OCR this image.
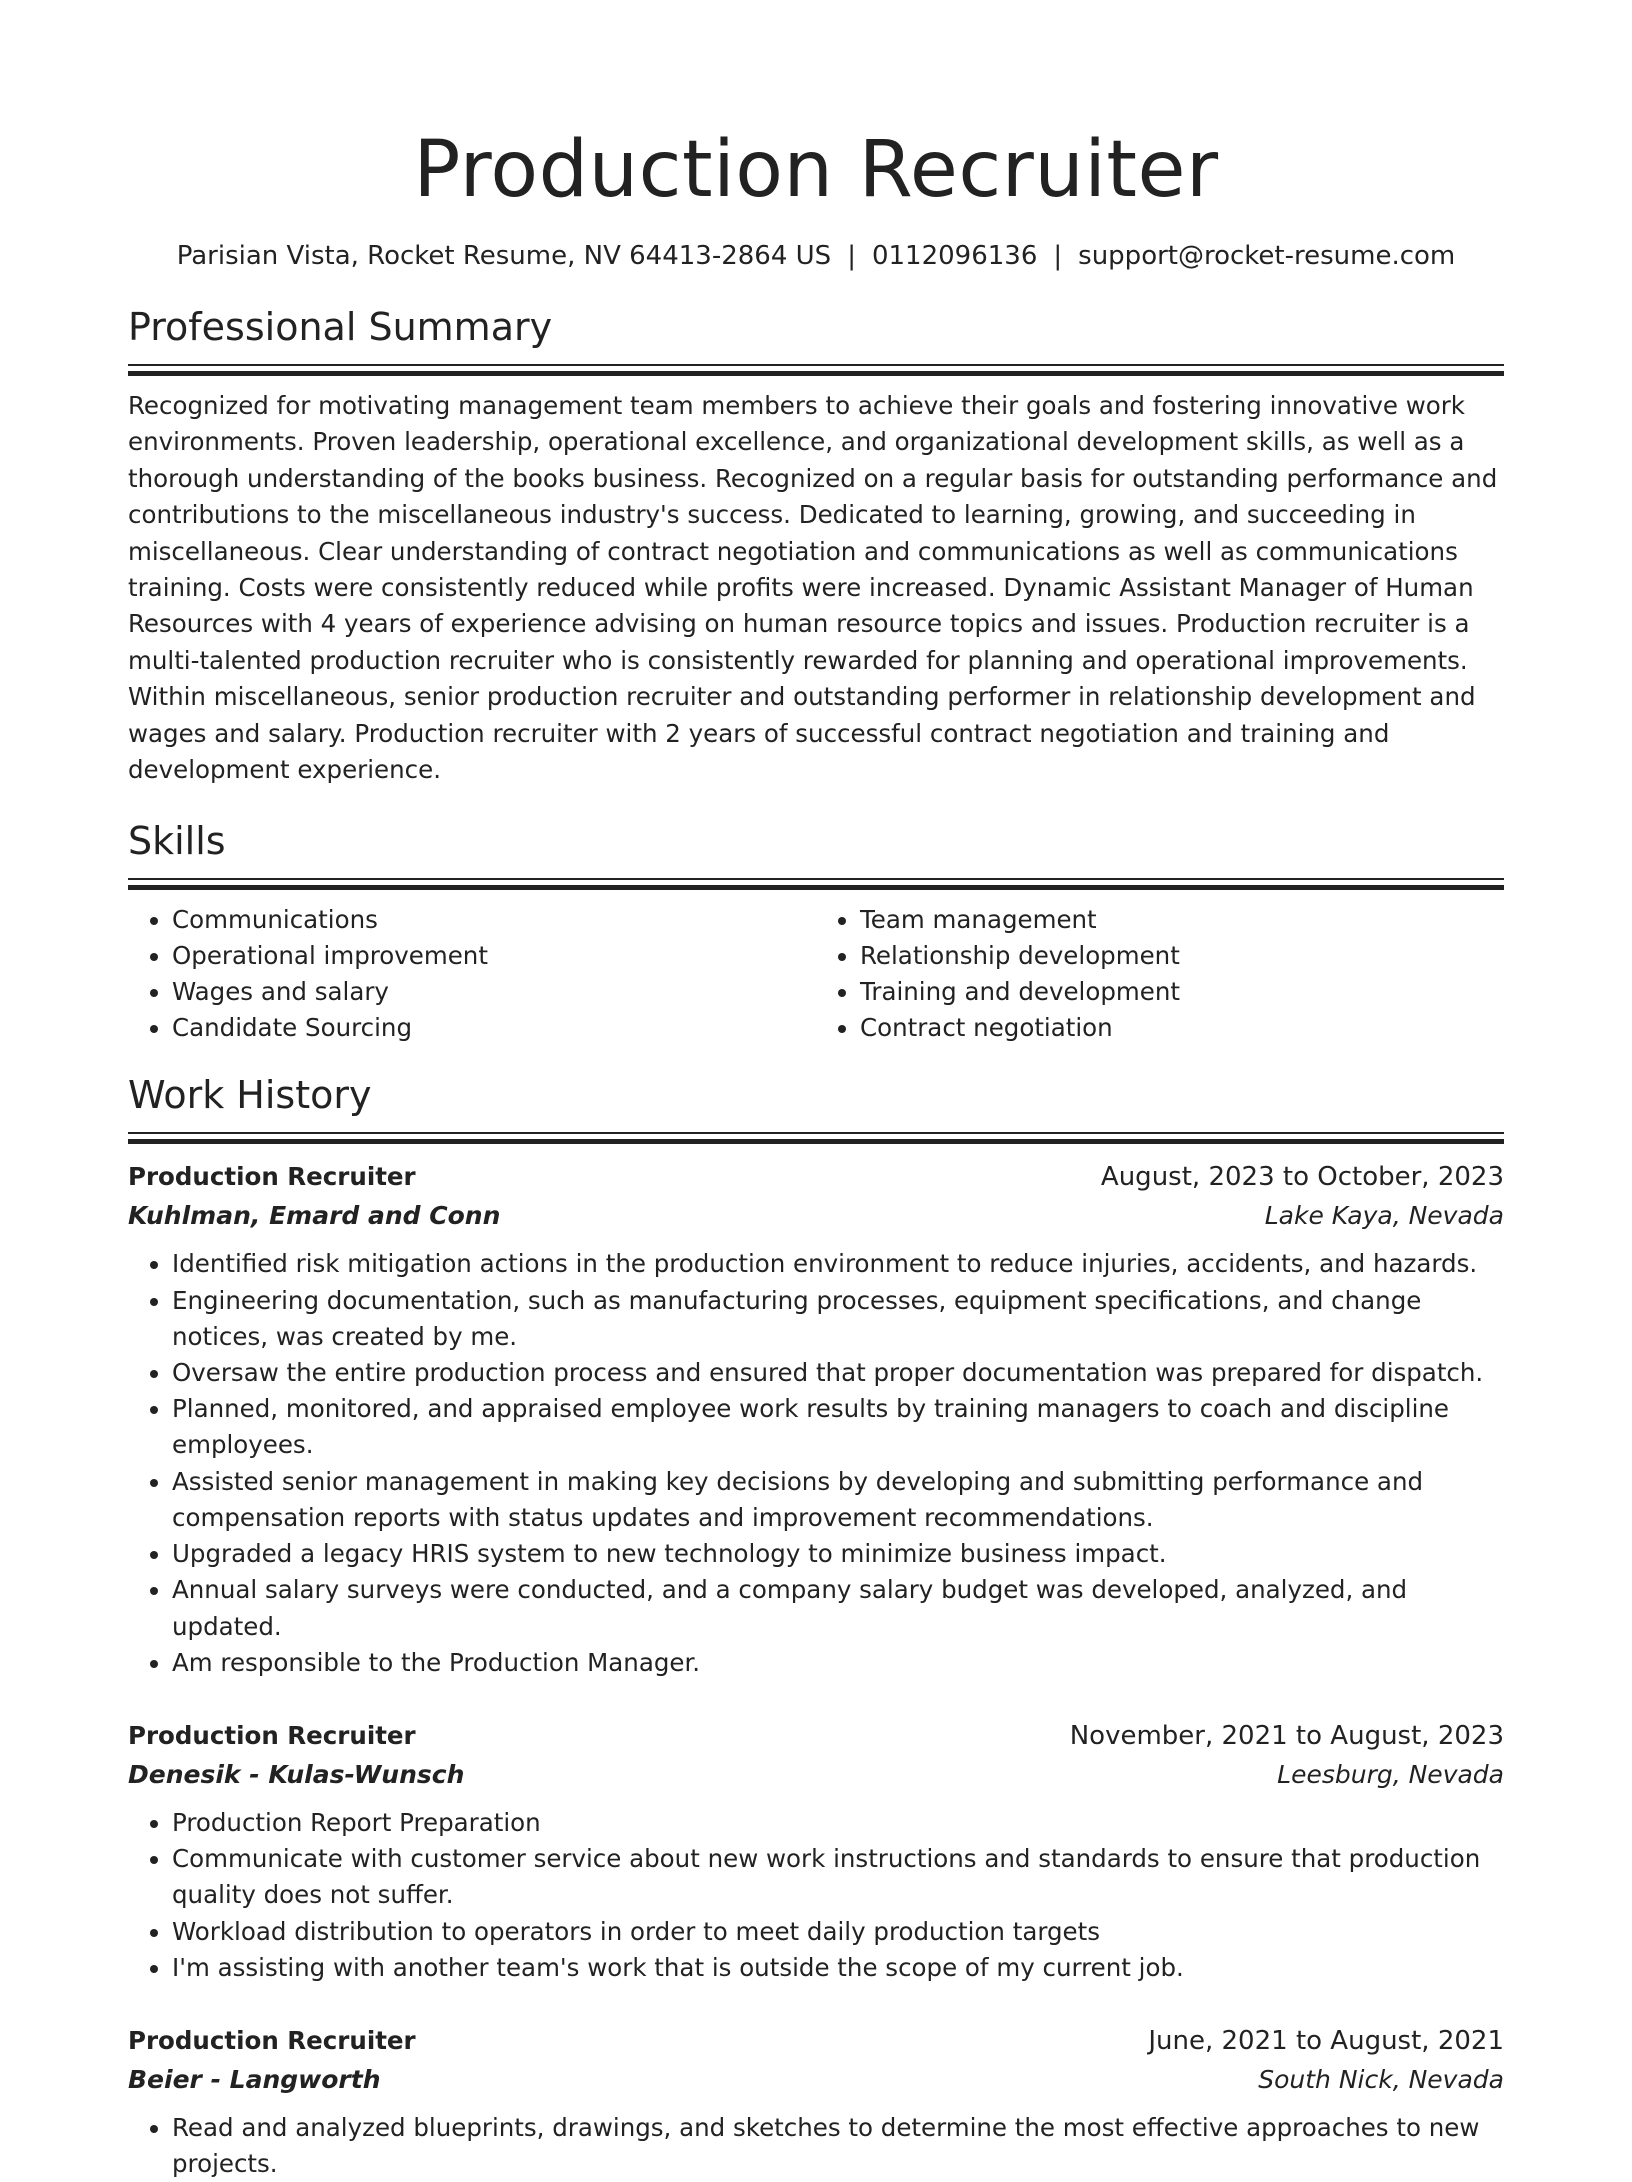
Production Recruiter
Parisian Vista, Rocket Resume, NV 64413-2864 US | 0112096136 | support@rocket-resume.com
Professional Summary
Recognized for motivating management team members to achieve their goals and fostering innovative work environments. Proven leadership, operational excellence, and organizational development skills, as well as a thorough understanding of the books business. Recognized on a regular basis for outstanding performance and contributions to the miscellaneous industry's success. Dedicated to learning, growing, and succeeding in miscellaneous. Clear understanding of contract negotiation and communications as well as communications training. Costs were consistently reduced while profits were increased. Dynamic Assistant Manager of Human Resources with 4 years of experience advising on human resource topics and issues. Production recruiter is a multi-talented production recruiter who is consistently rewarded for planning and operational improvements. Within miscellaneous, senior production recruiter and outstanding performer in relationship development and wages and salary. Production recruiter with 2 years of successful contract negotiation and training and development experience.
Skills
• Communications
• Operational improvement
• Wages and salary
• Candidate Sourcing
• Team management
• Relationship development
• Training and development
• Contract negotiation
Work History
Production Recruiter	August, 2023 to October, 2023
Kuhlman, Emard and Conn	Lake Kaya, Nevada
• Identified risk mitigation actions in the production environment to reduce injuries, accidents, and hazards.
• Engineering documentation, such as manufacturing processes, equipment specifications, and change notices, was created by me.
• Oversaw the entire production process and ensured that proper documentation was prepared for dispatch.
• Planned, monitored, and appraised employee work results by training managers to coach and discipline employees.
• Assisted senior management in making key decisions by developing and submitting performance and compensation reports with status updates and improvement recommendations.
• Upgraded a legacy HRIS system to new technology to minimize business impact.
• Annual salary surveys were conducted, and a company salary budget was developed, analyzed, and updated.
• Am responsible to the Production Manager.
Production Recruiter	November, 2021 to August, 2023
Denesik - Kulas-Wunsch	Leesburg, Nevada
• Production Report Preparation
• Communicate with customer service about new work instructions and standards to ensure that production quality does not suffer.
• Workload distribution to operators in order to meet daily production targets
• I'm assisting with another team's work that is outside the scope of my current job.
Production Recruiter	June, 2021 to August, 2021
Beier - Langworth	South Nick, Nevada
• Read and analyzed blueprints, drawings, and sketches to determine the most effective approaches to new projects.
